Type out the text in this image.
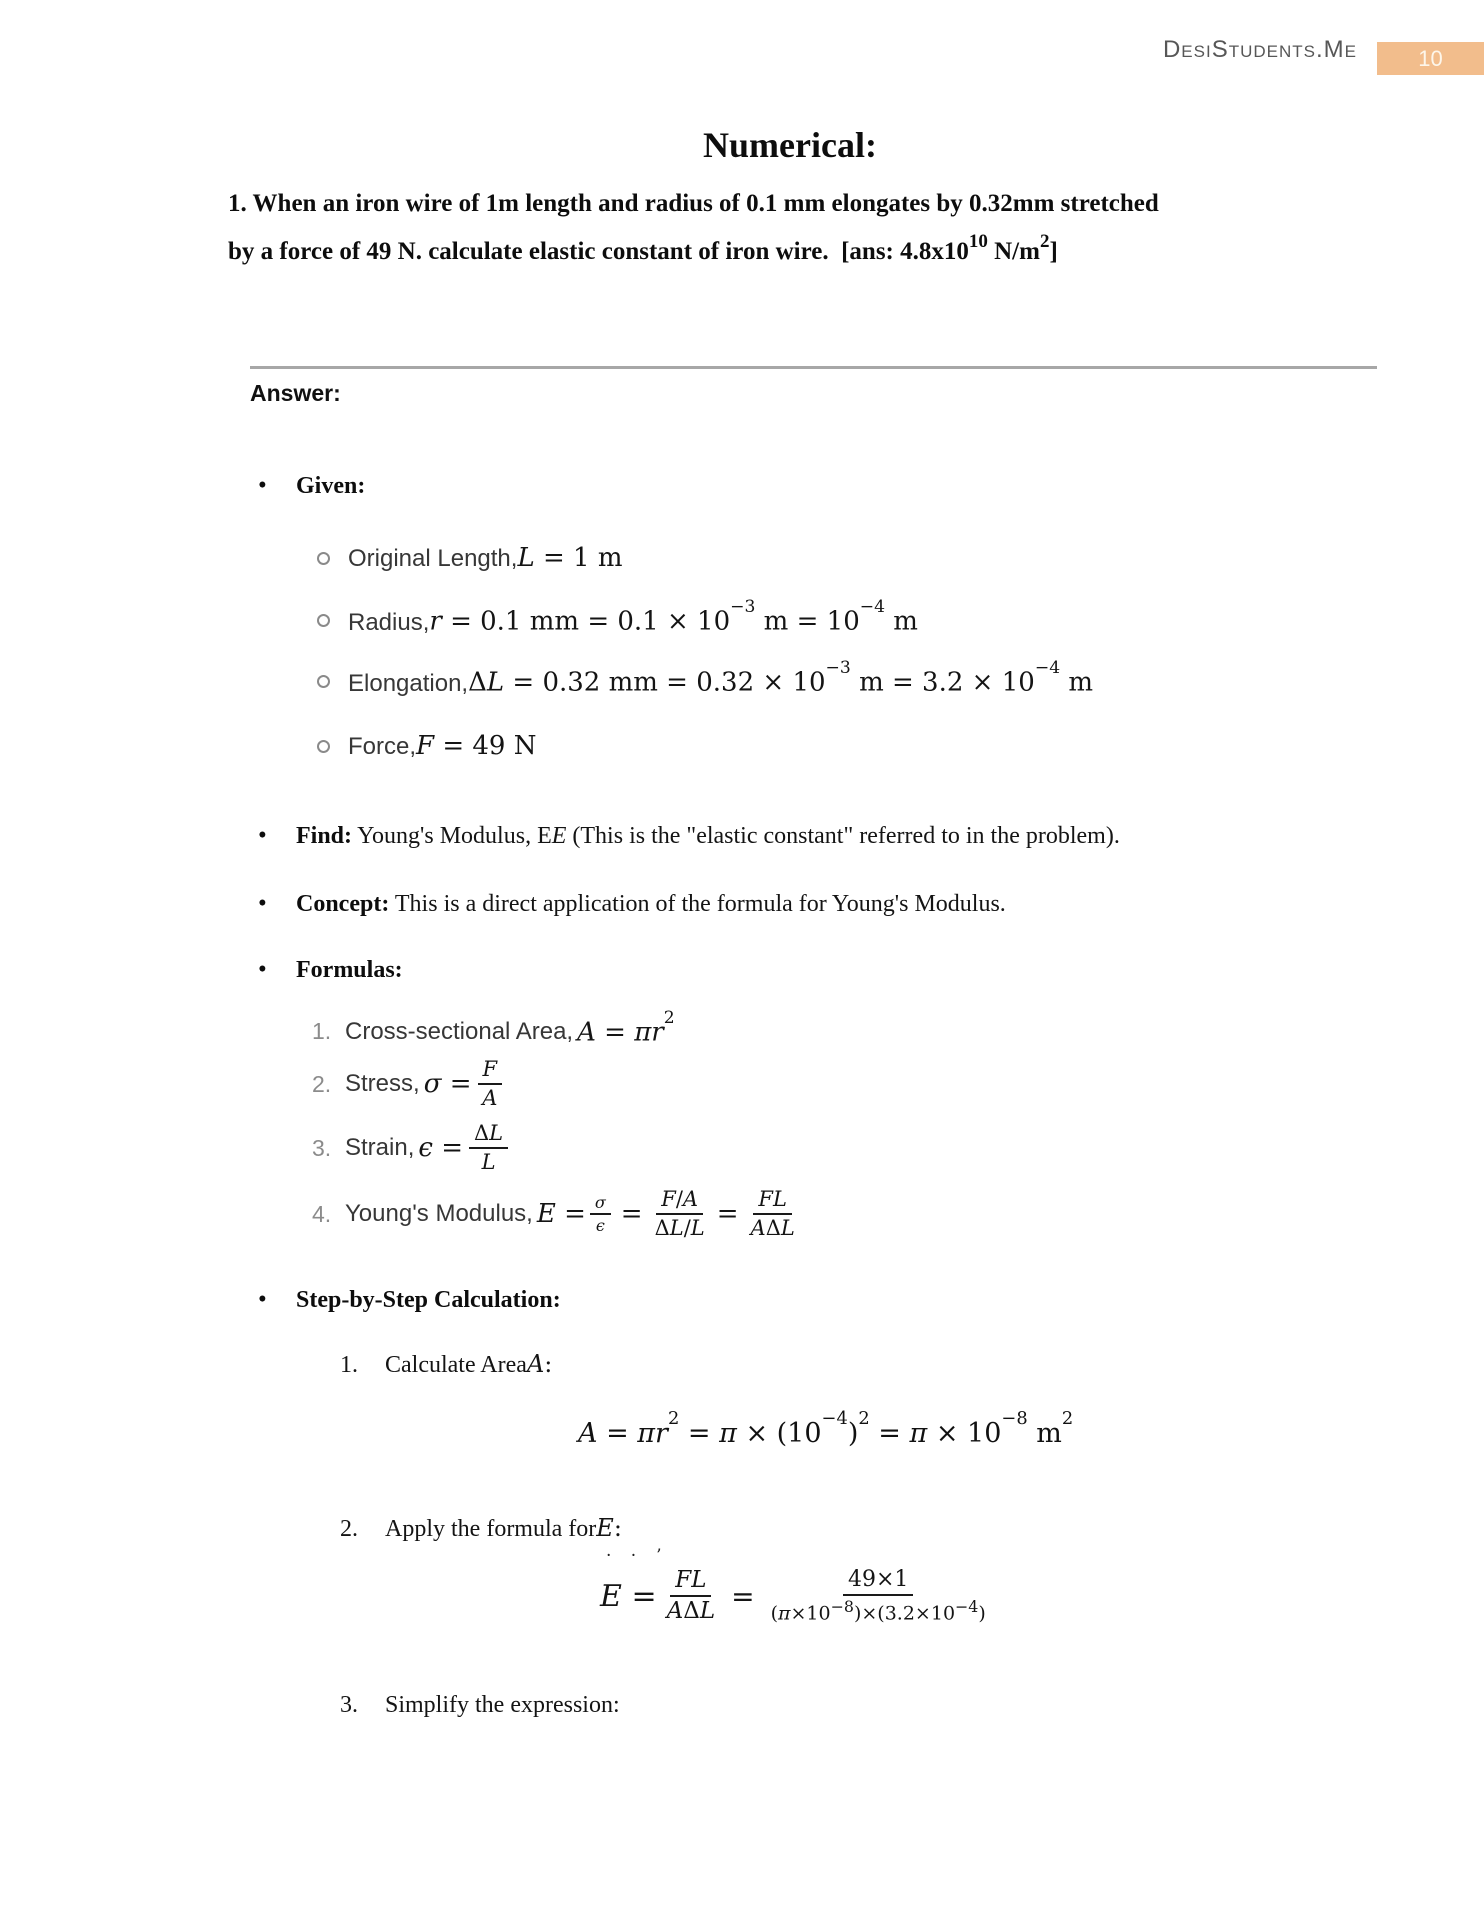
DesiStudents.Me	10
Numerical:
1. When an iron wire of 1m length and radius of 0.1 mm elongates by 0.32mm stretched
by a force of 49 N. calculate elastic constant of iron wire.  [ans: $4.8x10^{10}$ $N/m^2$]
Answer:
•	Given:
Original Length, L = 1 m
Radius, r = 0.1 mm = $0.1 \times 10^{-3}$ $m = 10^{-4}$ m
Elongation, ΔL = 0.32 mm = $0.32 \times 10^{-3}$ $m = 3.2 \times 10^{-4}$ m
Force, F = 49 N
•	Find: Young's Modulus, EE (This is the "elastic constant" referred to in the problem).
•	Concept: This is a direct application of the formula for Young's Modulus.
•	Formulas:
1. Cross-sectional Area, $A = \pi r^2$
2. Stress, $\sigma = \frac{F}{A}$
3. Strain, $\epsilon = \frac{\Delta L}{L}$
4. Young's Modulus, $E = \frac{\sigma}{\epsilon} = \frac{F/A}{\Delta L/L} = \frac{FL}{\text{AΔL}}$
•	Step-by-Step Calculation:
1.	Calculate Area A:
$A = \pi r^2 = \pi \times (10^{-4})^2 = \pi \times 10^{-8}$ $m^2$
2.	Apply the formula for E:
· · ʼ
$E = \frac{FL}{\text{AΔL}} = \frac{49\times 1}{(\pi\times 10^{-8})\times(3.2\times 10^{-4})}$
3.	Simplify the expression:
